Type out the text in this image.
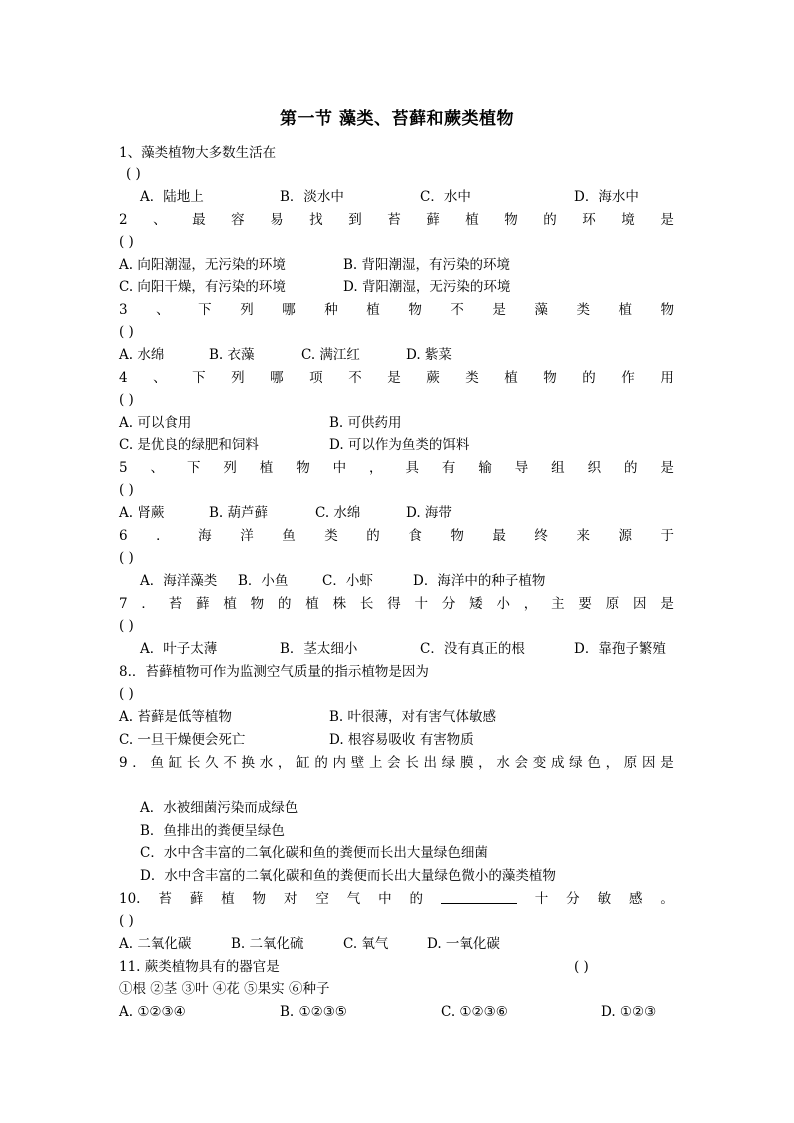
第一节 藻类、苔藓和蕨类植物
1、藻类植物大多数生活在
( )
A．陆地上	B．淡水中	C．水中	D．海水中
2 、 最 容 易 找 到 苔 藓 植 物 的 环 境 是
( )
A. 向阳潮湿，无污染的环境	B. 背阳潮湿，有污染的环境
C. 向阳干燥，有污染的环境	D. 背阳潮湿，无污染的环境
3 、 下 列 哪 种 植 物 不 是 藻 类 植 物
( )
A. 水绵	B. 衣藻	C. 满江红	D. 紫菜
4 、 下 列 哪 项 不 是 蕨 类 植 物 的 作 用
( )
A. 可以食用	B. 可供药用
C. 是优良的绿肥和饲料	D. 可以作为鱼类的饵料
5 、 下 列 植 物 中 ， 具 有 输 导 组 织 的 是
( )
A. 肾蕨	B. 葫芦藓	C. 水绵	D. 海带
6 ． 海 洋 鱼 类 的 食 物 最 终 来 源 于
( )
A．海洋藻类 B．小鱼 C．小虾	D．海洋中的种子植物
7 ． 苔 藓 植 物 的 植 株 长 得 十 分 矮 小 ， 主 要 原 因 是
( )
A．叶子太薄	B．茎太细小	C．没有真正的根	D．靠孢子繁殖
8.．苔藓植物可作为监测空气质量的指示植物是因为
( )
A. 苔藓是低等植物	B. 叶很薄，对有害气体敏感
C. 一旦干燥便会死亡	D. 根容易吸收 有害物质
9 ． 鱼 缸 长 久 不 换 水 ， 缸 的 内 壁 上 会 长 出 绿 膜 ， 水 会 变 成 绿 色 ， 原 因 是
A．水被细菌污染而成绿色
B．鱼排出的粪便呈绿色
C．水中含丰富的二氧化碳和鱼的粪便而长出大量绿色细菌
D．水中含丰富的二氧化碳和鱼的粪便而长出大量绿色微小的藻类植物
10. 苔 藓 植 物 对 空 气 中 的	十 分 敏 感 。
( )
A. 二氧化碳	B. 二氧化硫	C. 氧气	D. 一氧化碳
11. 蕨类植物具有的器官是	( )
①根 ②茎 ③叶 ④花 ⑤果实 ⑥种子
A. ①②③④	B. ①②③⑤	C. ①②③⑥	D. ①②③
